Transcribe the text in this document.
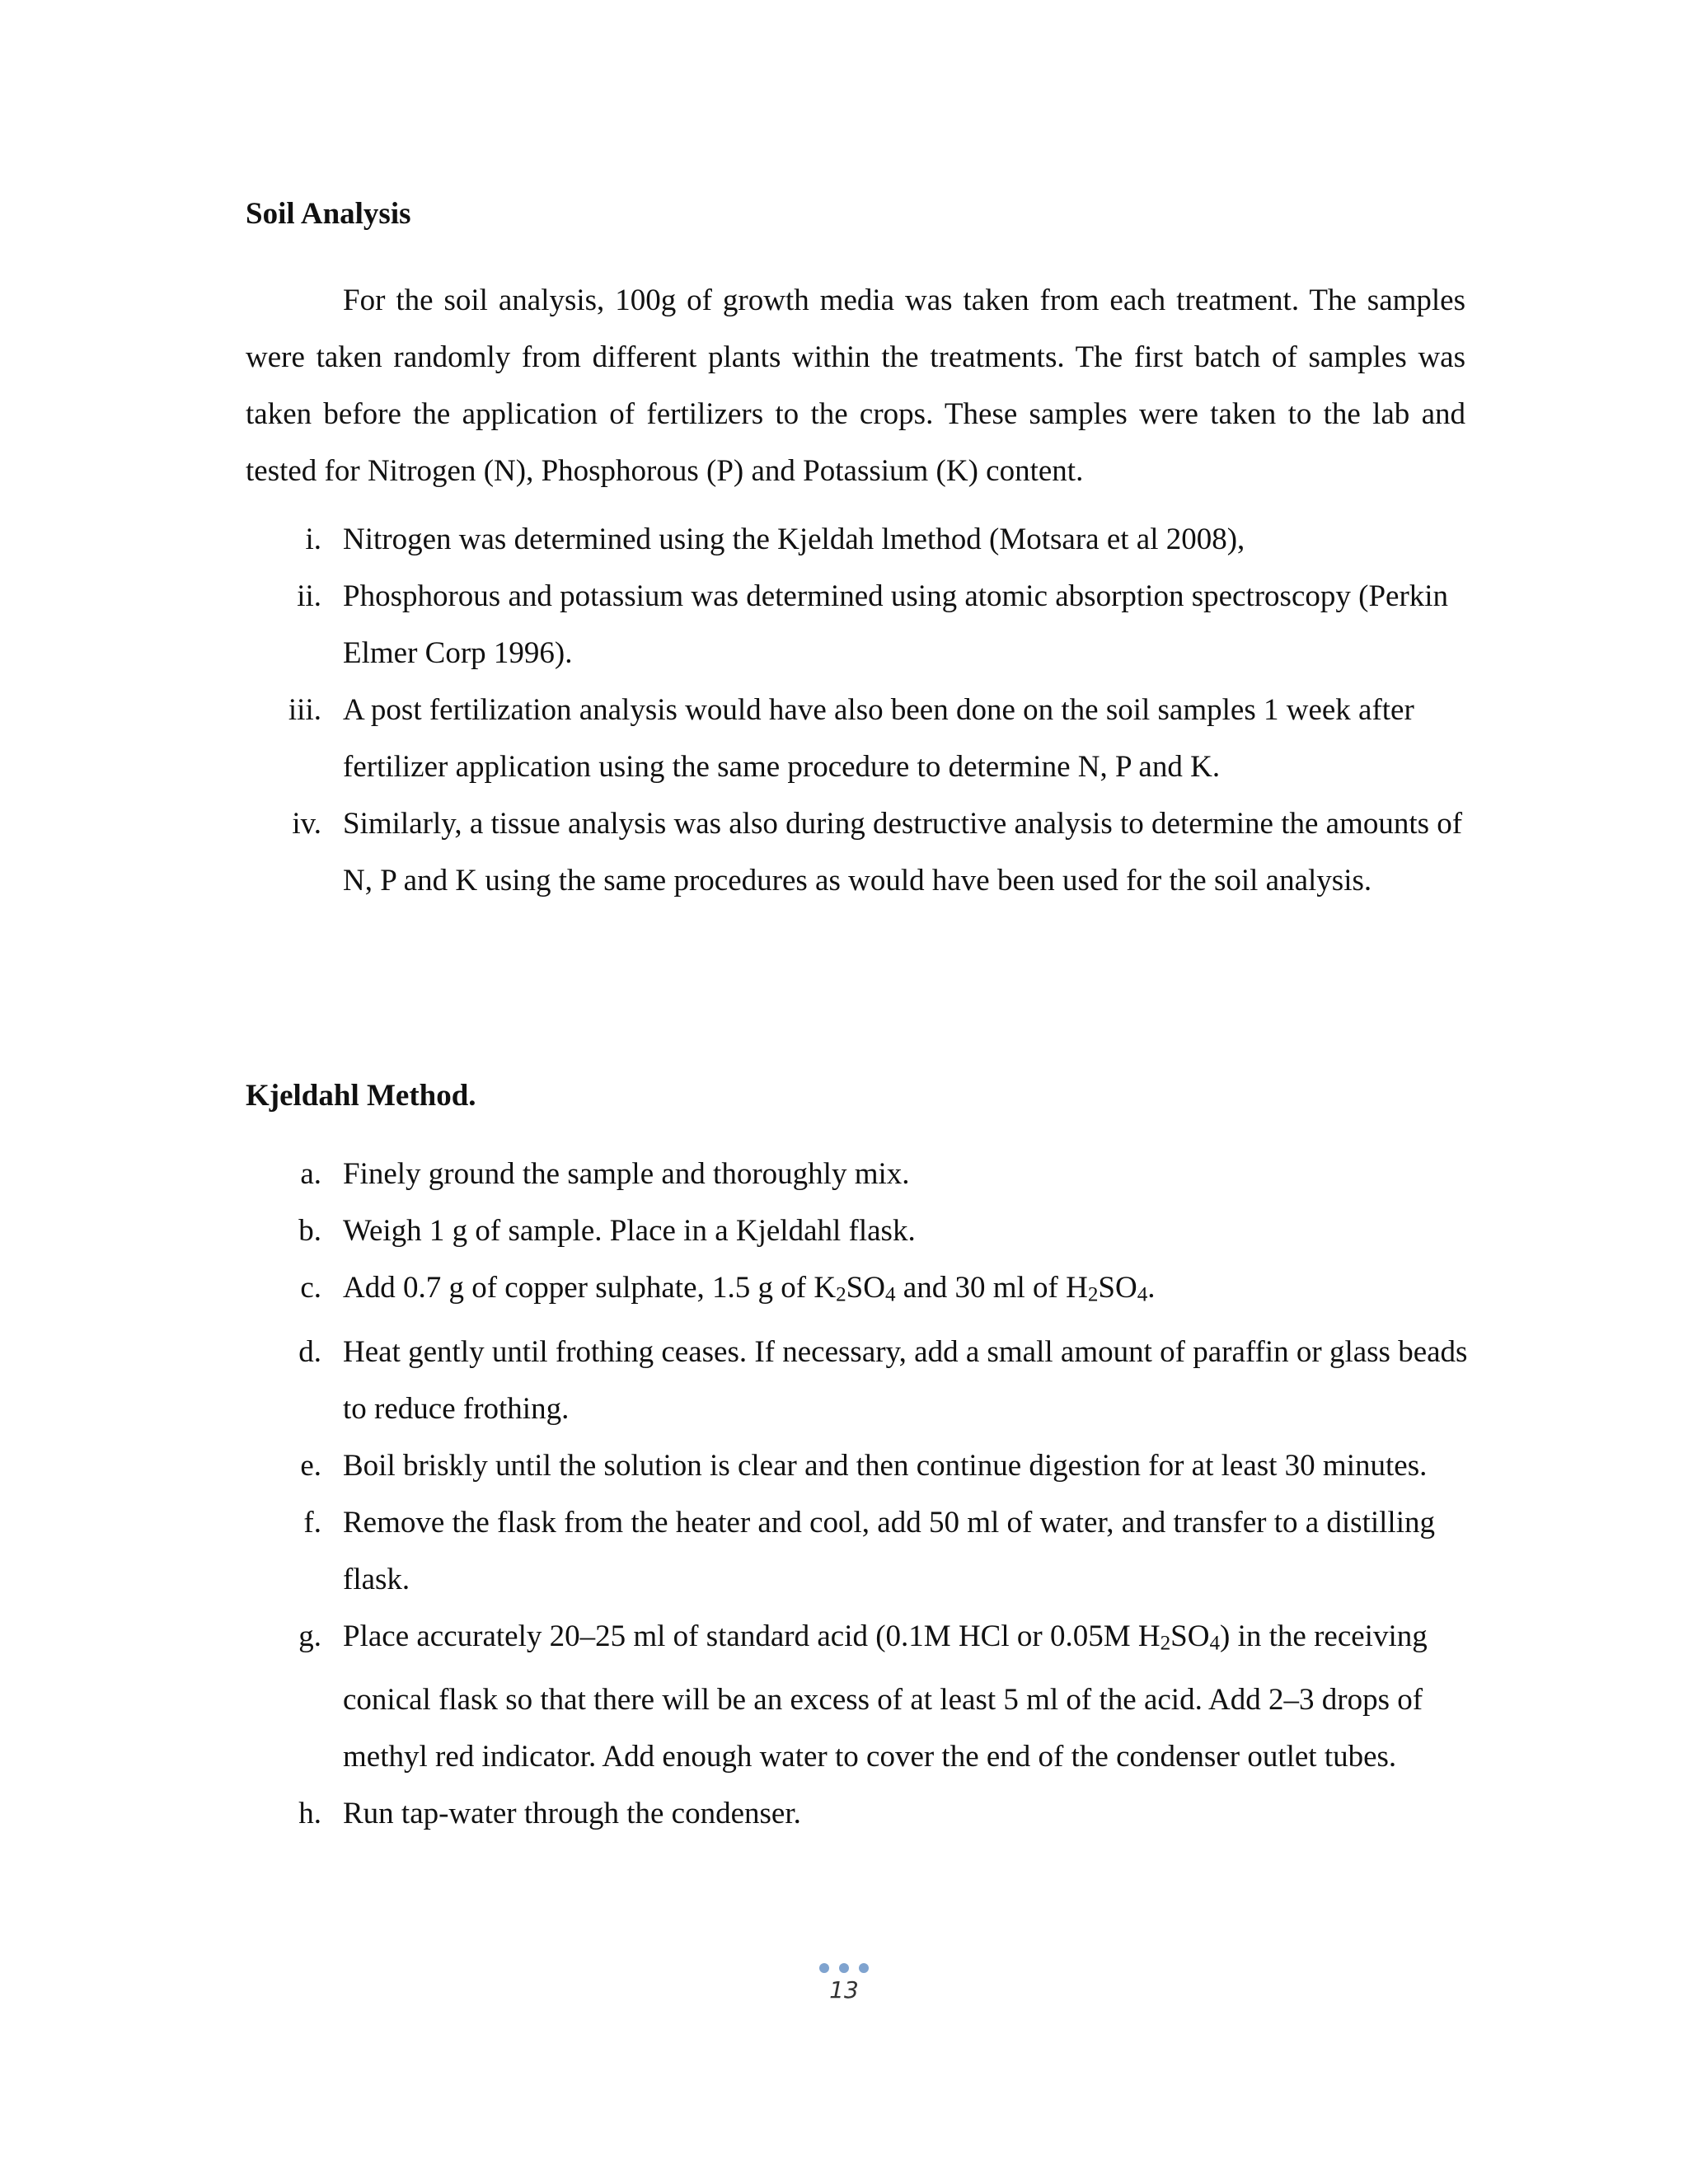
Soil Analysis

For the soil analysis, 100g of growth media was taken from each treatment. The samples were taken randomly from different plants within the treatments. The first batch of samples was taken before the application of fertilizers to the crops. These samples were taken to the lab and tested for Nitrogen (N), Phosphorous (P) and Potassium (K) content.

i. Nitrogen was determined using the Kjeldah lmethod (Motsara et al 2008),
ii. Phosphorous and potassium was determined using atomic absorption spectroscopy (Perkin Elmer Corp 1996).
iii. A post fertilization analysis would have also been done on the soil samples 1 week after fertilizer application using the same procedure to determine N, P and K.
iv. Similarly, a tissue analysis was also during destructive analysis to determine the amounts of N, P and K using the same procedures as would have been used for the soil analysis.
Kjeldahl Method.
a. Finely ground the sample and thoroughly mix.
b. Weigh 1 g of sample. Place in a Kjeldahl flask.
c. Add 0.7 g of copper sulphate, 1.5 g of $K_2SO_4$ and 30 ml of $H_2SO_4$.
d. Heat gently until frothing ceases. If necessary, add a small amount of paraffin or glass beads to reduce frothing.
e. Boil briskly until the solution is clear and then continue digestion for at least 30 minutes.
f. Remove the flask from the heater and cool, add 50 ml of water, and transfer to a distilling flask.
g. Place accurately 20–25 ml of standard acid (0.1M HCl or 0.05M $H_2SO_4$) in the receiving conical flask so that there will be an excess of at least 5 ml of the acid. Add 2–3 drops of methyl red indicator. Add enough water to cover the end of the condenser outlet tubes.
h. Run tap-water through the condenser.
13
